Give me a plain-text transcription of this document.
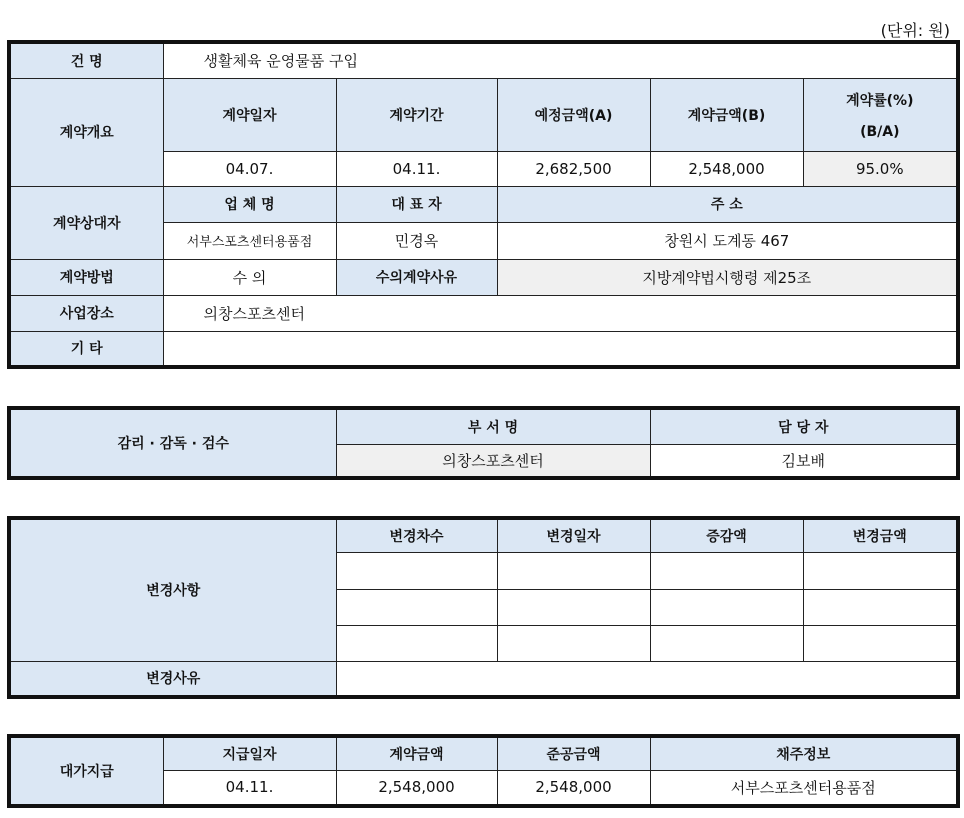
(단위: 원)
건 명	생활체육 운영물품 구입				
계약개요	계약일자	계약기간	예정금액(A)	계약금액(B)	계약률(%)
(B/A)

	04.07.	04.11.	2,682,500	2,548,000	95.0%
계약상대자	업 체 명	대 표 자	주 소		
	서부스포츠센터용품점	민경옥	창원시 도계동 467		
계약방법	수 의	수의계약사유	지방계약법시행령 제25조		
사업장소	의창스포츠센터				
기 타					
감리 · 감독 · 검수	부 서 명	담 당 자
	의창스포츠센터	김보배
변경사항	변경차수	변경일자	증감액	변경금액

변경사유				
대가지급	지급일자	계약금액	준공금액	채주정보
	04.11.	2,548,000	2,548,000	서부스포츠센터용품점
